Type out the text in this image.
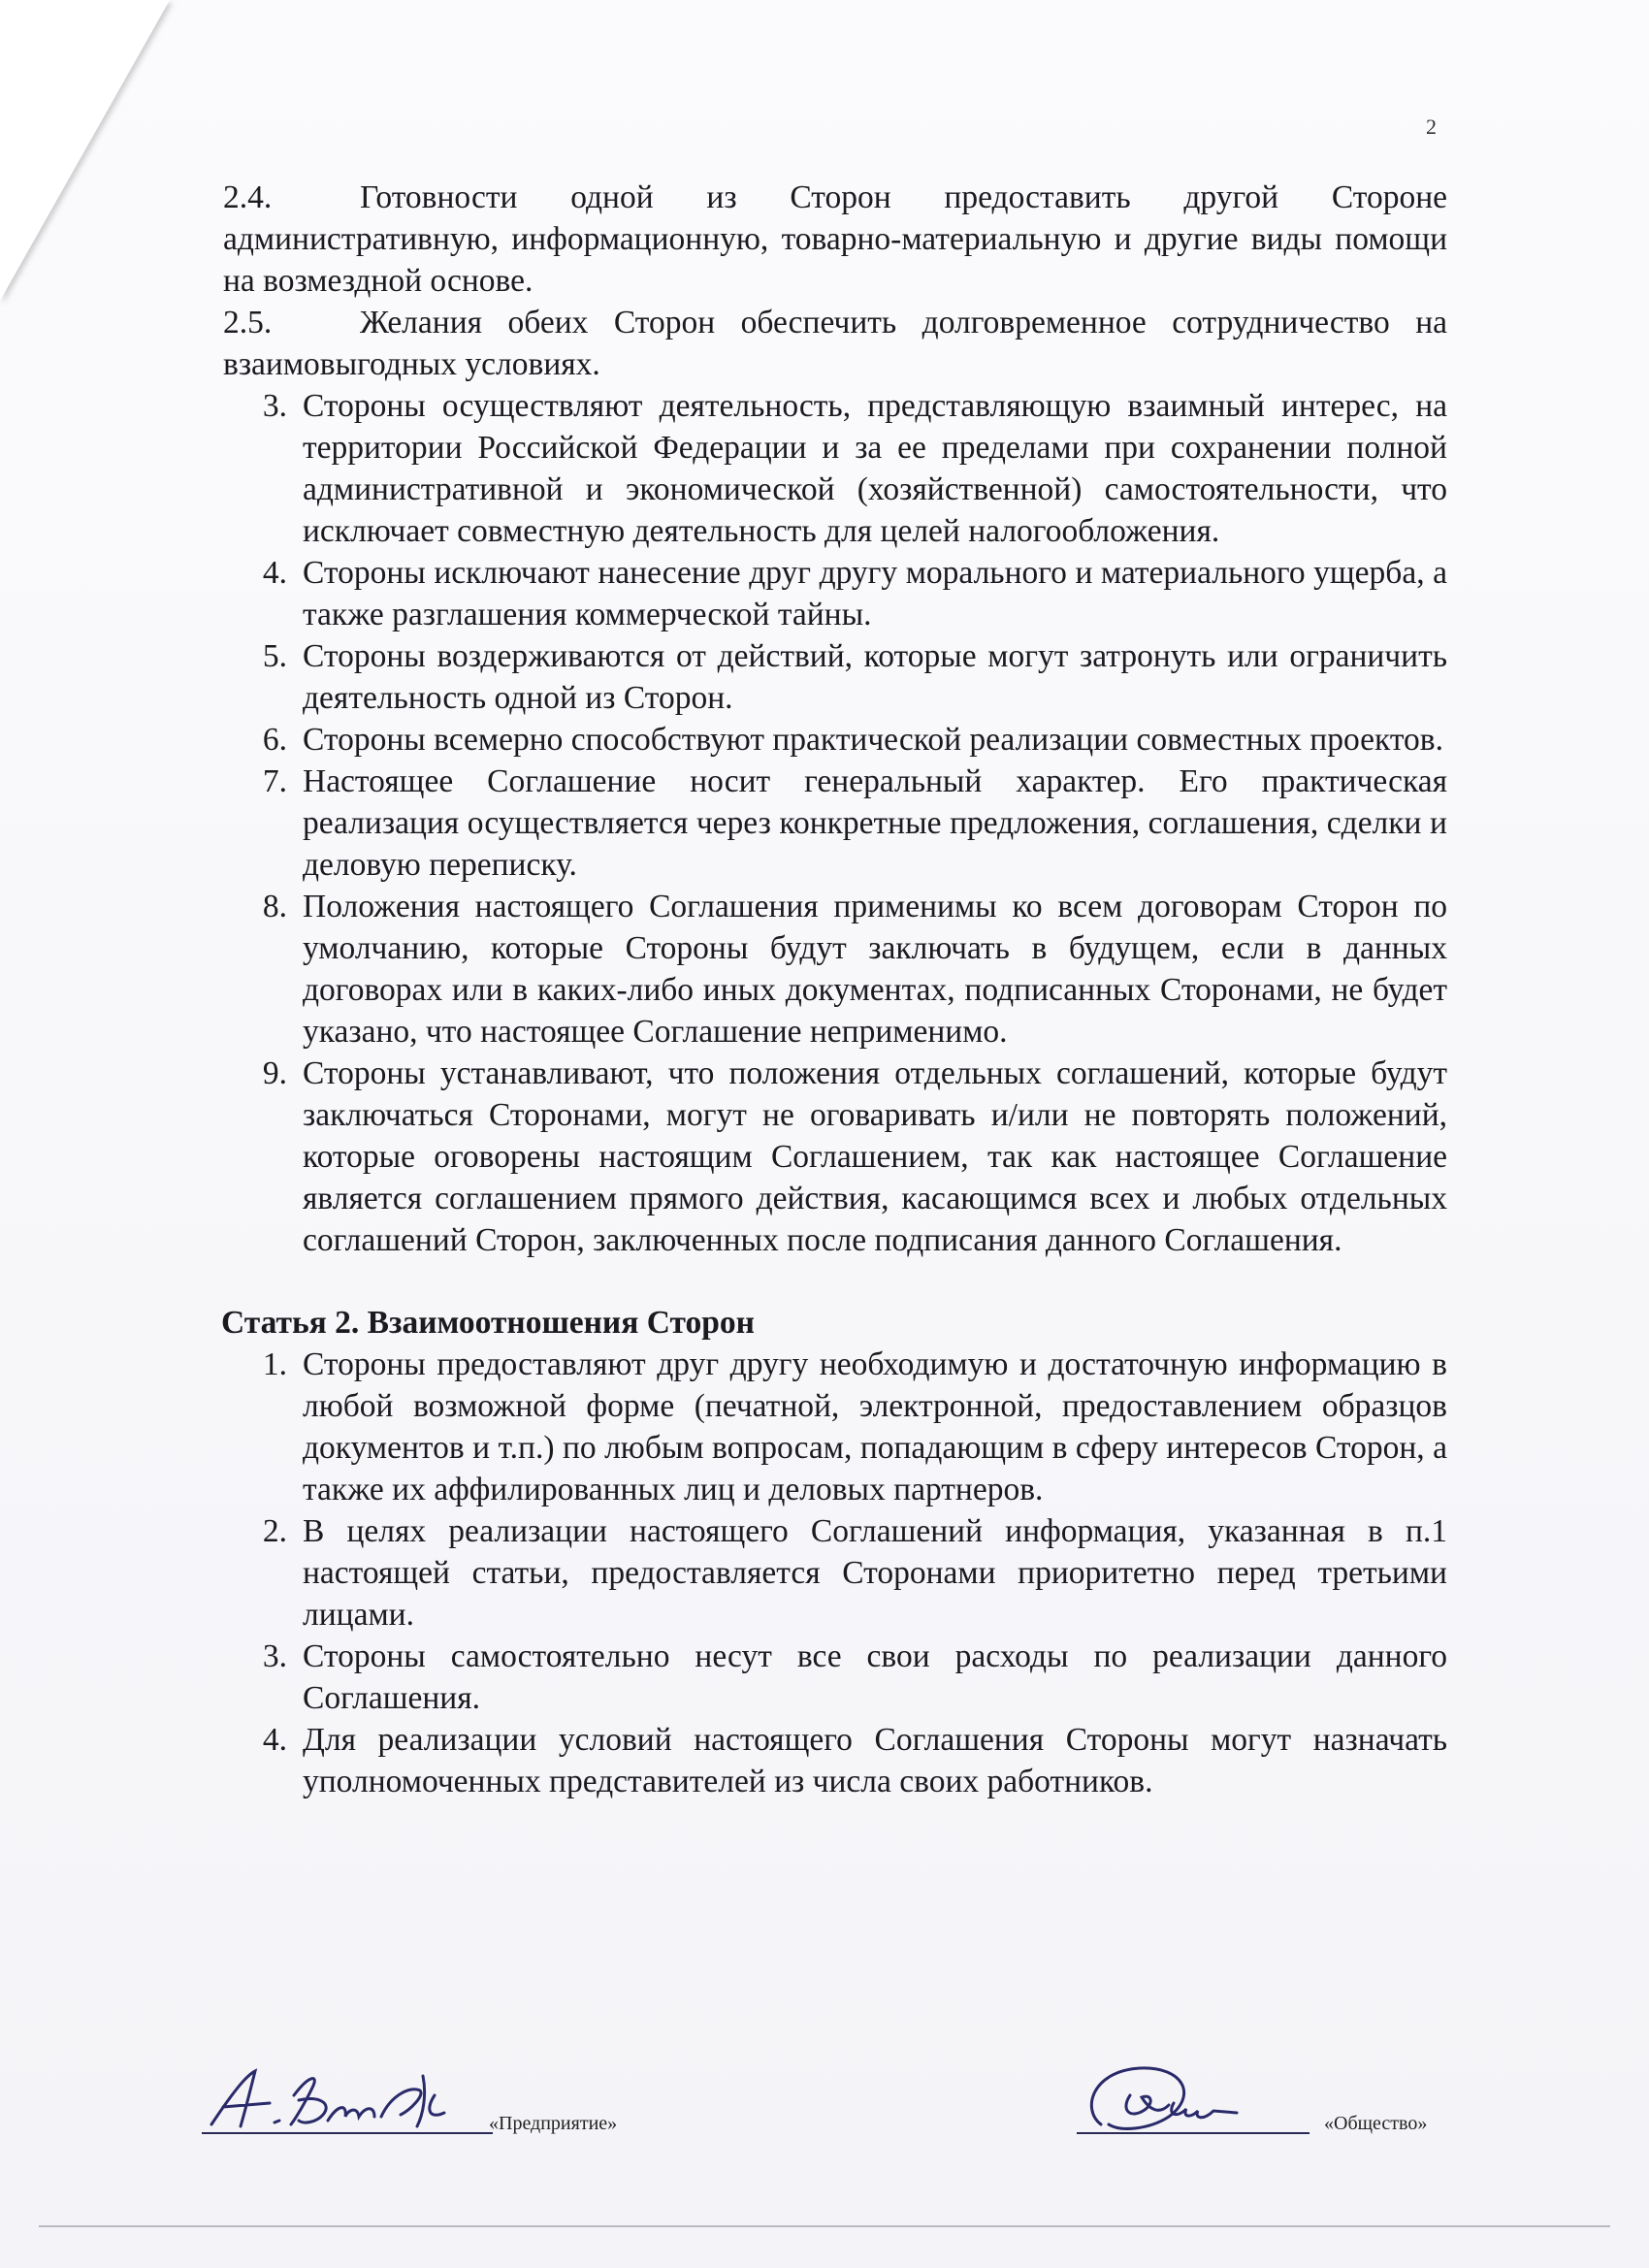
2
2.4.	Готовности одной из Сторон предоставить другой Стороне административную, информационную, товарно-материальную и другие виды помощи на возмездной основе.
2.5.	Желания обеих Сторон обеспечить долговременное сотрудничество на взаимовыгодных условиях.
3. Стороны осуществляют деятельность, представляющую взаимный интерес, на территории Российской Федерации и за ее пределами при сохранении полной административной и экономической (хозяйственной) самостоятельности, что исключает совместную деятельность для целей налогообложения.
4. Стороны исключают нанесение друг другу морального и материального ущерба, а также разглашения коммерческой тайны.
5. Стороны воздерживаются от действий, которые могут затронуть или ограничить деятельность одной из Сторон.
6. Стороны всемерно способствуют практической реализации совместных проектов.
7. Настоящее Соглашение носит генеральный характер. Его практическая реализация осуществляется через конкретные предложения, соглашения, сделки и деловую переписку.
8. Положения настоящего Соглашения применимы ко всем договорам Сторон по умолчанию, которые Стороны будут заключать в будущем, если в данных договорах или в каких-либо иных документах, подписанных Сторонами, не будет указано, что настоящее Соглашение неприменимо.
9. Стороны устанавливают, что положения отдельных соглашений, которые будут заключаться Сторонами, могут не оговаривать и/или не повторять положений, которые оговорены настоящим Соглашением, так как настоящее Соглашение является соглашением прямого действия, касающимся всех и любых отдельных соглашений Сторон, заключенных после подписания данного Соглашения.
Статья 2. Взаимоотношения Сторон
1. Стороны предоставляют друг другу необходимую и достаточную информацию в любой возможной форме (печатной, электронной, предоставлением образцов документов и т.п.) по любым вопросам, попадающим в сферу интересов Сторон, а также их аффилированных лиц и деловых партнеров.
2. В целях реализации настоящего Соглашений информация, указанная в п.1 настоящей статьи, предоставляется Сторонами приоритетно перед третьими лицами.
3. Стороны самостоятельно несут все свои расходы по реализации данного Соглашения.
4. Для реализации условий настоящего Соглашения Стороны могут назначать уполномоченных представителей из числа своих работников.
«Предприятие»	«Общество»
